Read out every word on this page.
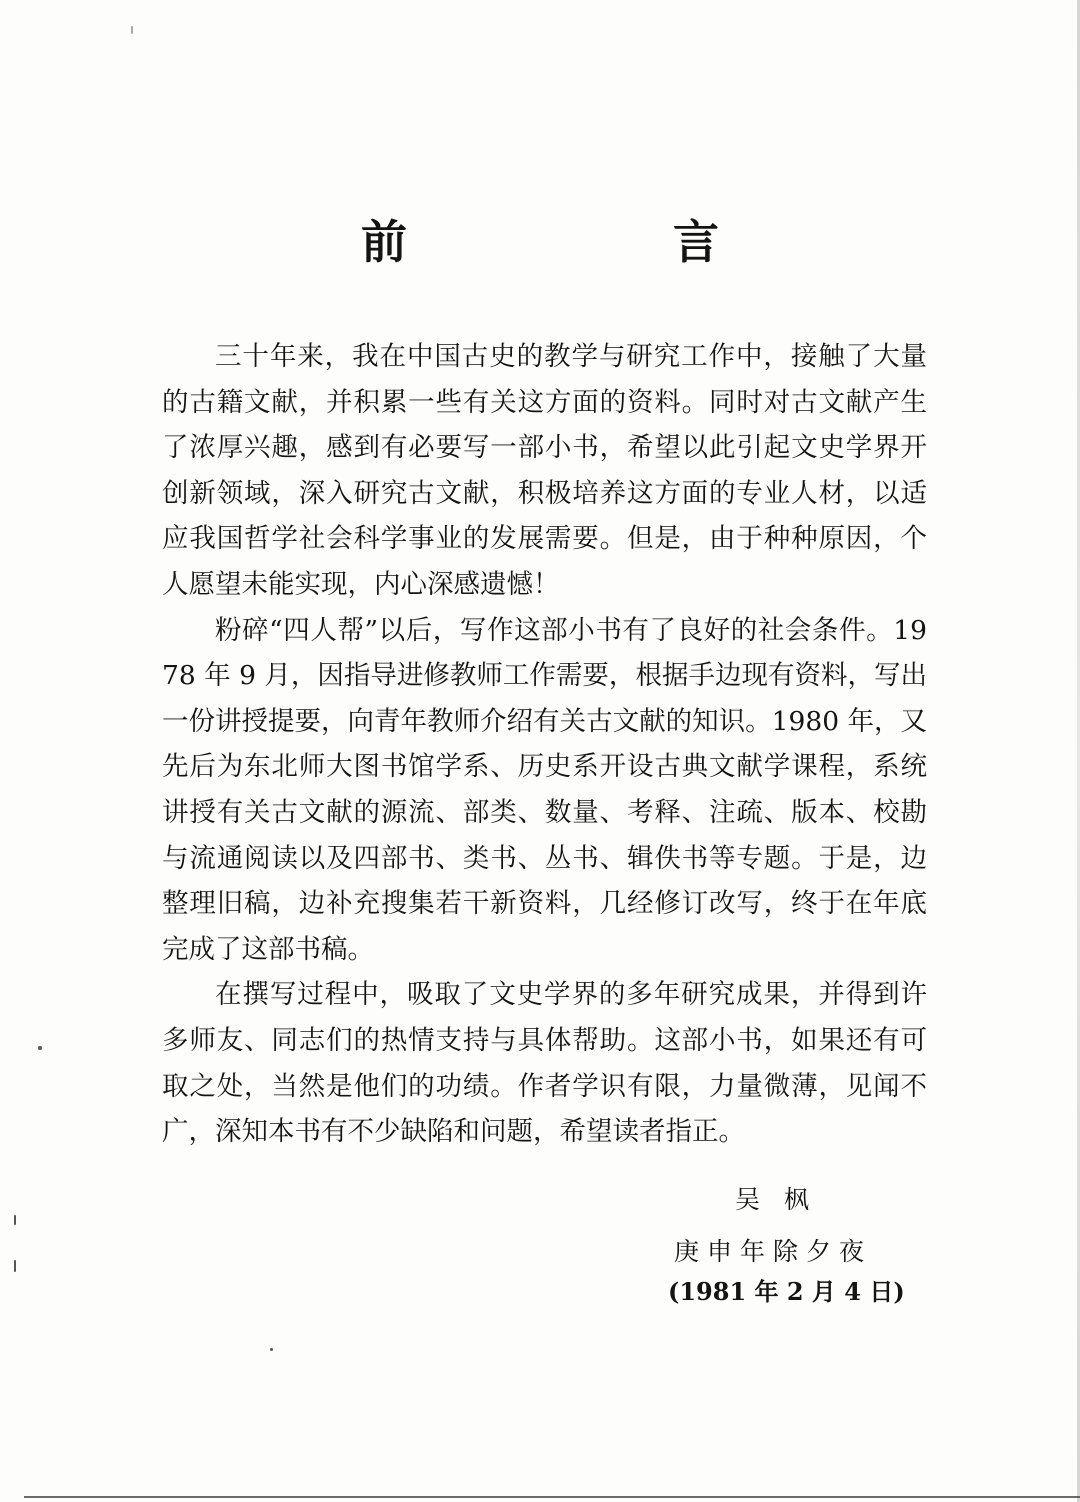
前　言

三十年来，我在中国古史的教学与研究工作中，接触了大量的古籍文献，并积累一些有关这方面的资料。同时对古文献产生了浓厚兴趣，感到有必要写一部小书，希望以此引起文史学界开创新领域，深入研究古文献，积极培养这方面的专业人材，以适应我国哲学社会科学事业的发展需要。但是，由于种种原因，个人愿望未能实现，内心深感遗憾！

粉碎“四人帮”以后，写作这部小书有了良好的社会条件。1978 年 9 月，因指导进修教师工作需要，根据手边现有资料，写出一份讲授提要，向青年教师介绍有关古文献的知识。1980 年，又先后为东北师大图书馆学系、历史系开设古典文献学课程，系统讲授有关古文献的源流、部类、数量、考释、注疏、版本、校勘与流通阅读以及四部书、类书、丛书、辑佚书等专题。于是，边整理旧稿，边补充搜集若干新资料，几经修订改写，终于在年底完成了这部书稿。

在撰写过程中，吸取了文史学界的多年研究成果，并得到许多师友、同志们的热情支持与具体帮助。这部小书，如果还有可取之处，当然是他们的功绩。作者学识有限，力量微薄，见闻不广，深知本书有不少缺陷和问题，希望读者指正。

吴枫
庚申年除夕夜
(1981 年 2 月 4 日)
